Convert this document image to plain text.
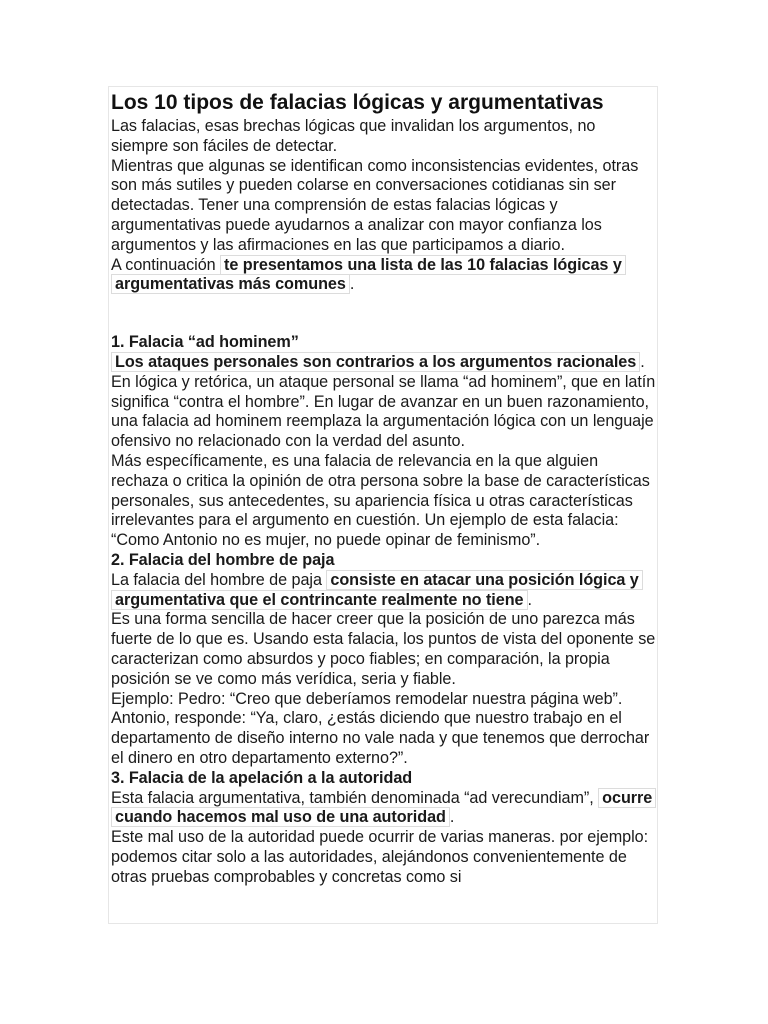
Los 10 tipos de falacias lógicas y argumentativas

Las falacias, esas brechas lógicas que invalidan los argumentos, no siempre son fáciles de detectar.

Mientras que algunas se identifican como inconsistencias evidentes, otras son más sutiles y pueden colarse en conversaciones cotidianas sin ser detectadas. Tener una comprensión de estas falacias lógicas y argumentativas puede ayudarnos a analizar con mayor confianza los argumentos y las afirmaciones en las que participamos a diario.

A continuación te presentamos una lista de las 10 falacias lógicas y argumentativas más comunes .

1. Falacia “ad hominem”

Los ataques personales son contrarios a los argumentos racionales . En lógica y retórica, un ataque personal se llama “ad hominem”, que en latín significa “contra el hombre”. En lugar de avanzar en un buen razonamiento, una falacia ad hominem reemplaza la argumentación lógica con un lenguaje ofensivo no relacionado con la verdad del asunto.

Más específicamente, es una falacia de relevancia en la que alguien rechaza o critica la opinión de otra persona sobre la base de características personales, sus antecedentes, su apariencia física u otras características irrelevantes para el argumento en cuestión. Un ejemplo de esta falacia: “Como Antonio no es mujer, no puede opinar de feminismo”.

2. Falacia del hombre de paja

La falacia del hombre de paja consiste en atacar una posición lógica y argumentativa que el contrincante realmente no tiene .

Es una forma sencilla de hacer creer que la posición de uno parezca más fuerte de lo que es. Usando esta falacia, los puntos de vista del oponente se caracterizan como absurdos y poco fiables; en comparación, la propia posición se ve como más verídica, seria y fiable.

Ejemplo: Pedro: “Creo que deberíamos remodelar nuestra página web”. Antonio, responde: “Ya, claro, ¿estás diciendo que nuestro trabajo en el departamento de diseño interno no vale nada y que tenemos que derrochar el dinero en otro departamento externo?”.

3. Falacia de la apelación a la autoridad

Esta falacia argumentativa, también denominada “ad verecundiam”, ocurre cuando hacemos mal uso de una autoridad .

Este mal uso de la autoridad puede ocurrir de varias maneras. por ejemplo: podemos citar solo a las autoridades, alejándonos convenientemente de otras pruebas comprobables y concretas como si
